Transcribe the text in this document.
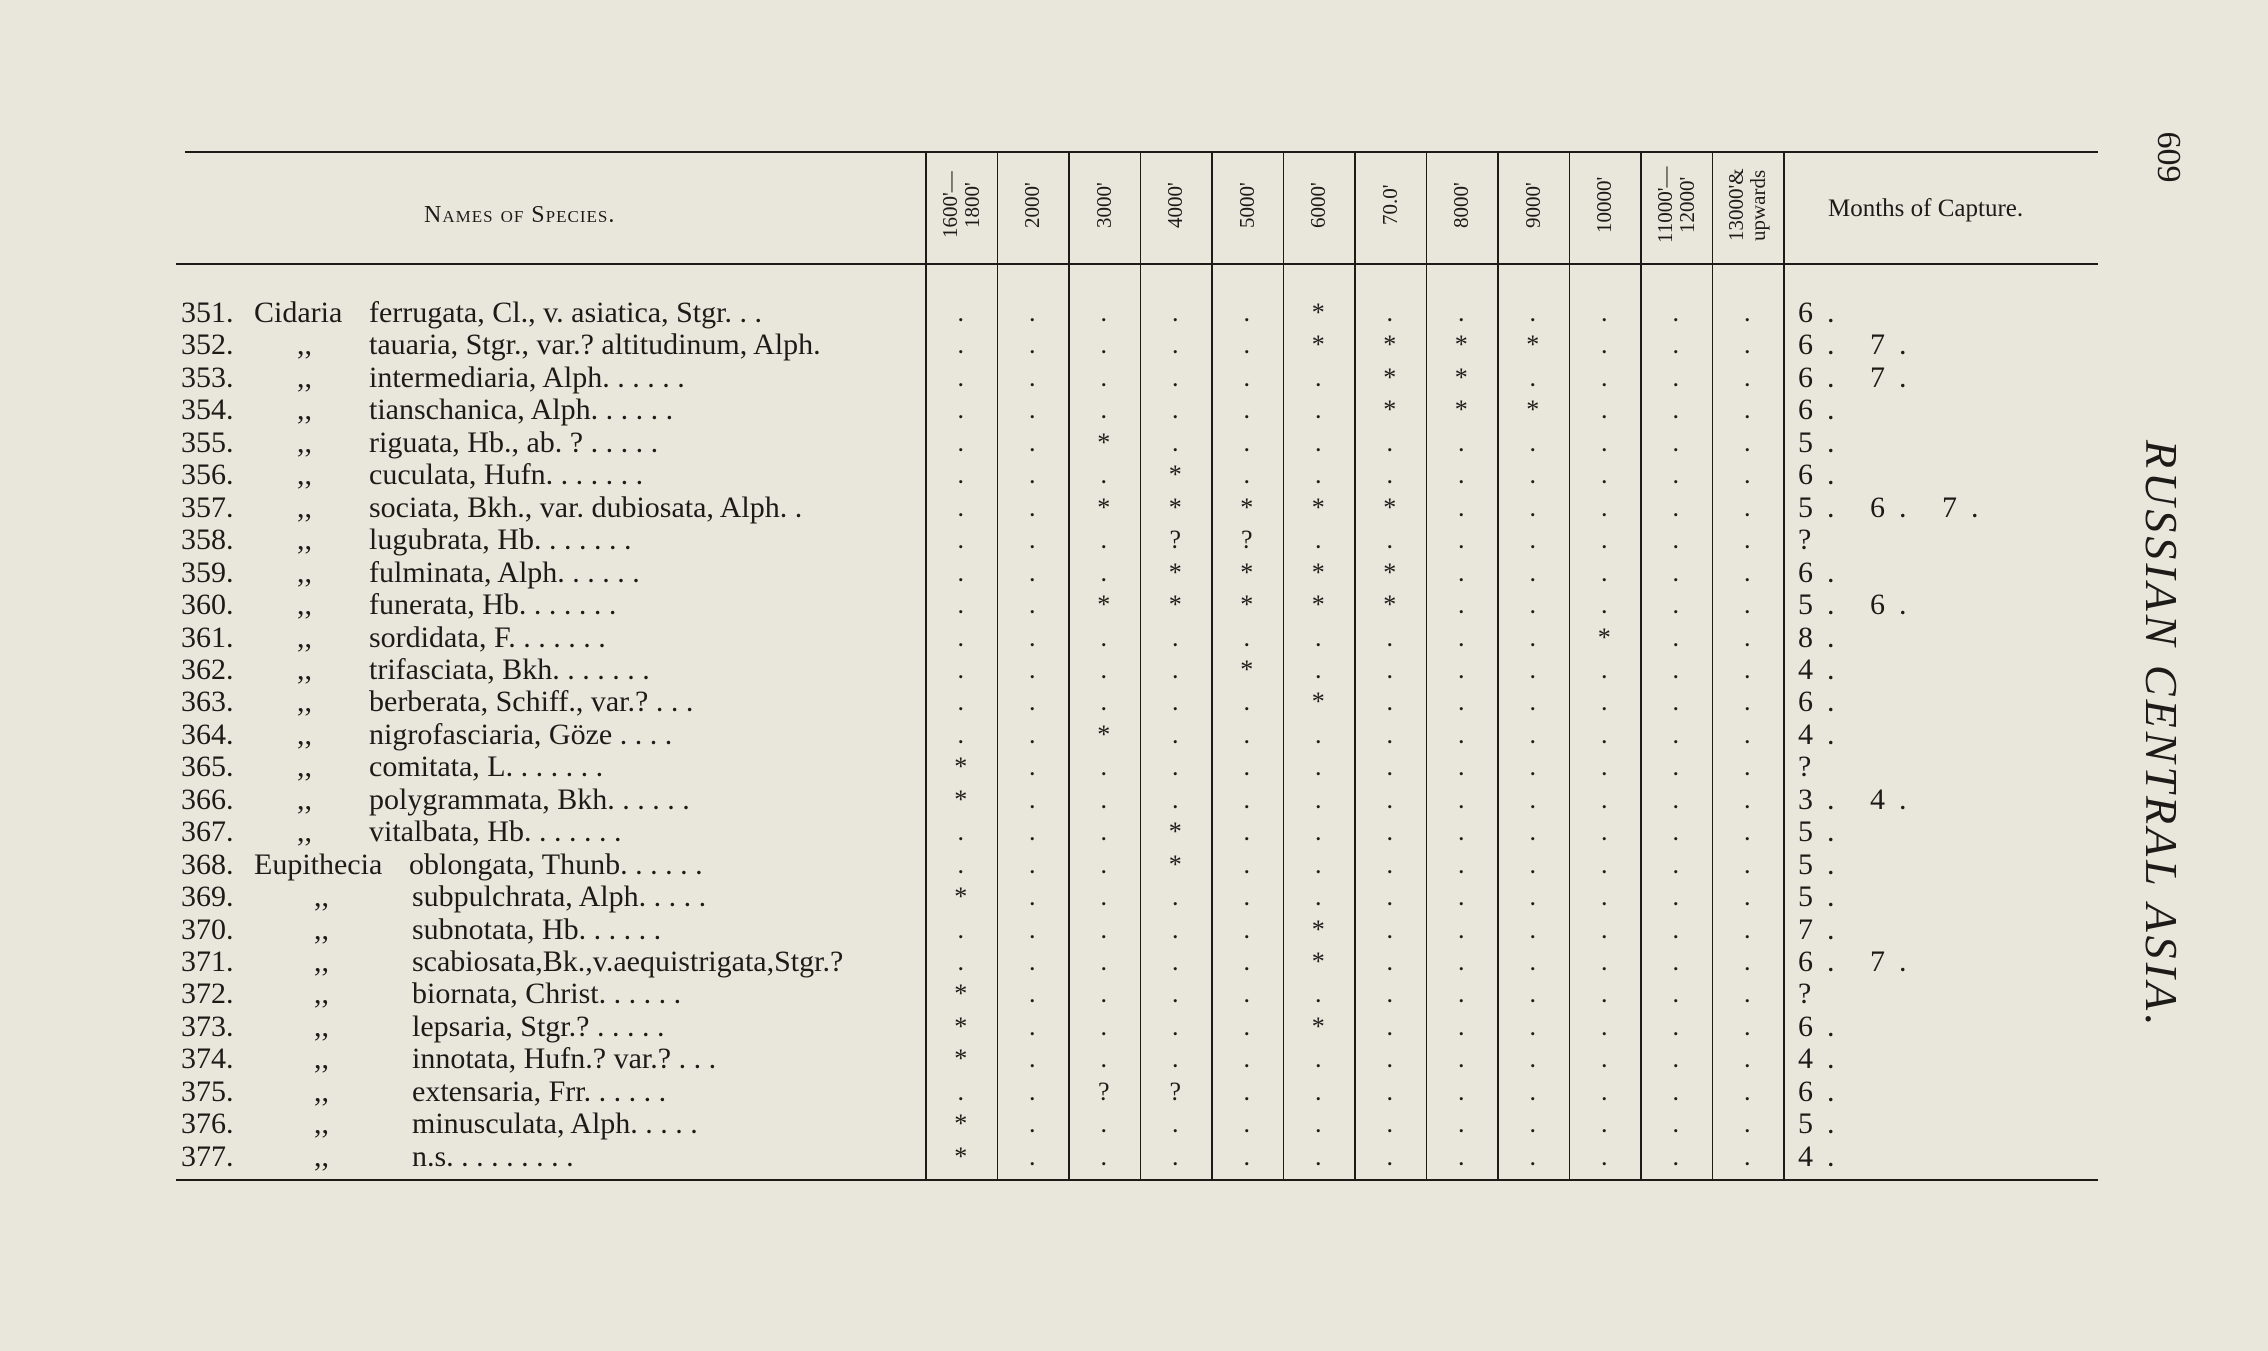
609
RUSSIAN CENTRAL ASIA.
Names of Species.	Months of Capture.
1600'—
1800'	2000'	3000'	4000'	5000'	6000'	70.0'	8000'	9000'	10000'	11000'—
12000'	13000'&
upwards
351. Cidaria ferrugata, Cl., v. asiatica, Stgr. . .	.	.	.	.	.	*	.	.	.	.	.	.	6.
352. ,, tauaria, Stgr., var.? altitudinum, Alph.	.	.	.	.	.	*	*	*	*	.	.	.	6. 7.
353. ,, intermediaria, Alph. . . . . .	.	.	.	.	.	.	*	*	.	.	.	.	6. 7.
354. ,, tianschanica, Alph. . . . . .	.	.	.	.	.	.	*	*	*	.	.	.	6.
355. ,, riguata, Hb., ab. ? . . . . .	.	.	*	.	.	.	.	.	.	.	.	.	5.
356. ,, cuculata, Hufn. . . . . . .	.	.	.	*	.	.	.	.	.	.	.	.	6.
357. ,, sociata, Bkh., var. dubiosata, Alph. .	.	.	*	*	*	*	*	.	.	.	.	.	5. 6. 7.
358. ,, lugubrata, Hb. . . . . . .	.	.	.	?	?	.	.	.	.	.	.	.	?
359. ,, fulminata, Alph. . . . . .	.	.	.	*	*	*	*	.	.	.	.	.	6.
360. ,, funerata, Hb. . . . . . .	.	.	*	*	*	*	*	.	.	.	.	.	5. 6.
361. ,, sordidata, F. . . . . . .	.	.	.	.	.	.	.	.	.	*	.	.	8.
362. ,, trifasciata, Bkh. . . . . . .	.	.	.	.	*	.	.	.	.	.	.	.	4.
363. ,, berberata, Schiff., var.? . . .	.	.	.	.	.	*	.	.	.	.	.	.	6.
364. ,, nigrofasciaria, Göze . . . .	.	.	*	.	.	.	.	.	.	.	.	.	4.
365. ,, comitata, L. . . . . . .	*	.	.	.	.	.	.	.	.	.	.	.	?
366. ,, polygrammata, Bkh. . . . . .	*	.	.	.	.	.	.	.	.	.	.	.	3. 4.
367. ,, vitalbata, Hb. . . . . . .	.	.	.	*	.	.	.	.	.	.	.	.	5.
368. Eupithecia oblongata, Thunb. . . . . .	.	.	.	*	.	.	.	.	.	.	.	.	5.
369.	,,	subpulchrata, Alph. . . . .	*	.	.	.	.	.	.	.	.	.	.	.	5.
370.	,,	subnotata, Hb. . . . . .	.	.	.	.	.	*	.	.	.	.	.	.	7.
371.	,,	scabiosata,Bk.,v.aequistrigata,Stgr.?	.	.	.	.	.	*	.	.	.	.	.	.	6. 7.
372.	,,	biornata, Christ. . . . . .	*	.	.	.	.	.	.	.	.	.	.	.	?
373.	,,	lepsaria, Stgr.? . . . . .	*	.	.	.	.	*	.	.	.	.	.	.	6.
374.	,,	innotata, Hufn.? var.? . . .	*	.	.	.	.	.	.	.	.	.	.	.	4.
375.	,,	extensaria, Frr. . . . . .	.	.	?	?	.	.	.	.	.	.	.	.	6.
376.	,,	minusculata, Alph. . . . .	*	.	.	.	.	.	.	.	.	.	.	.	5.
377.	,,	n.s. . . . . . . . .	*	.	.	.	.	.	.	.	.	.	.	.	4.
